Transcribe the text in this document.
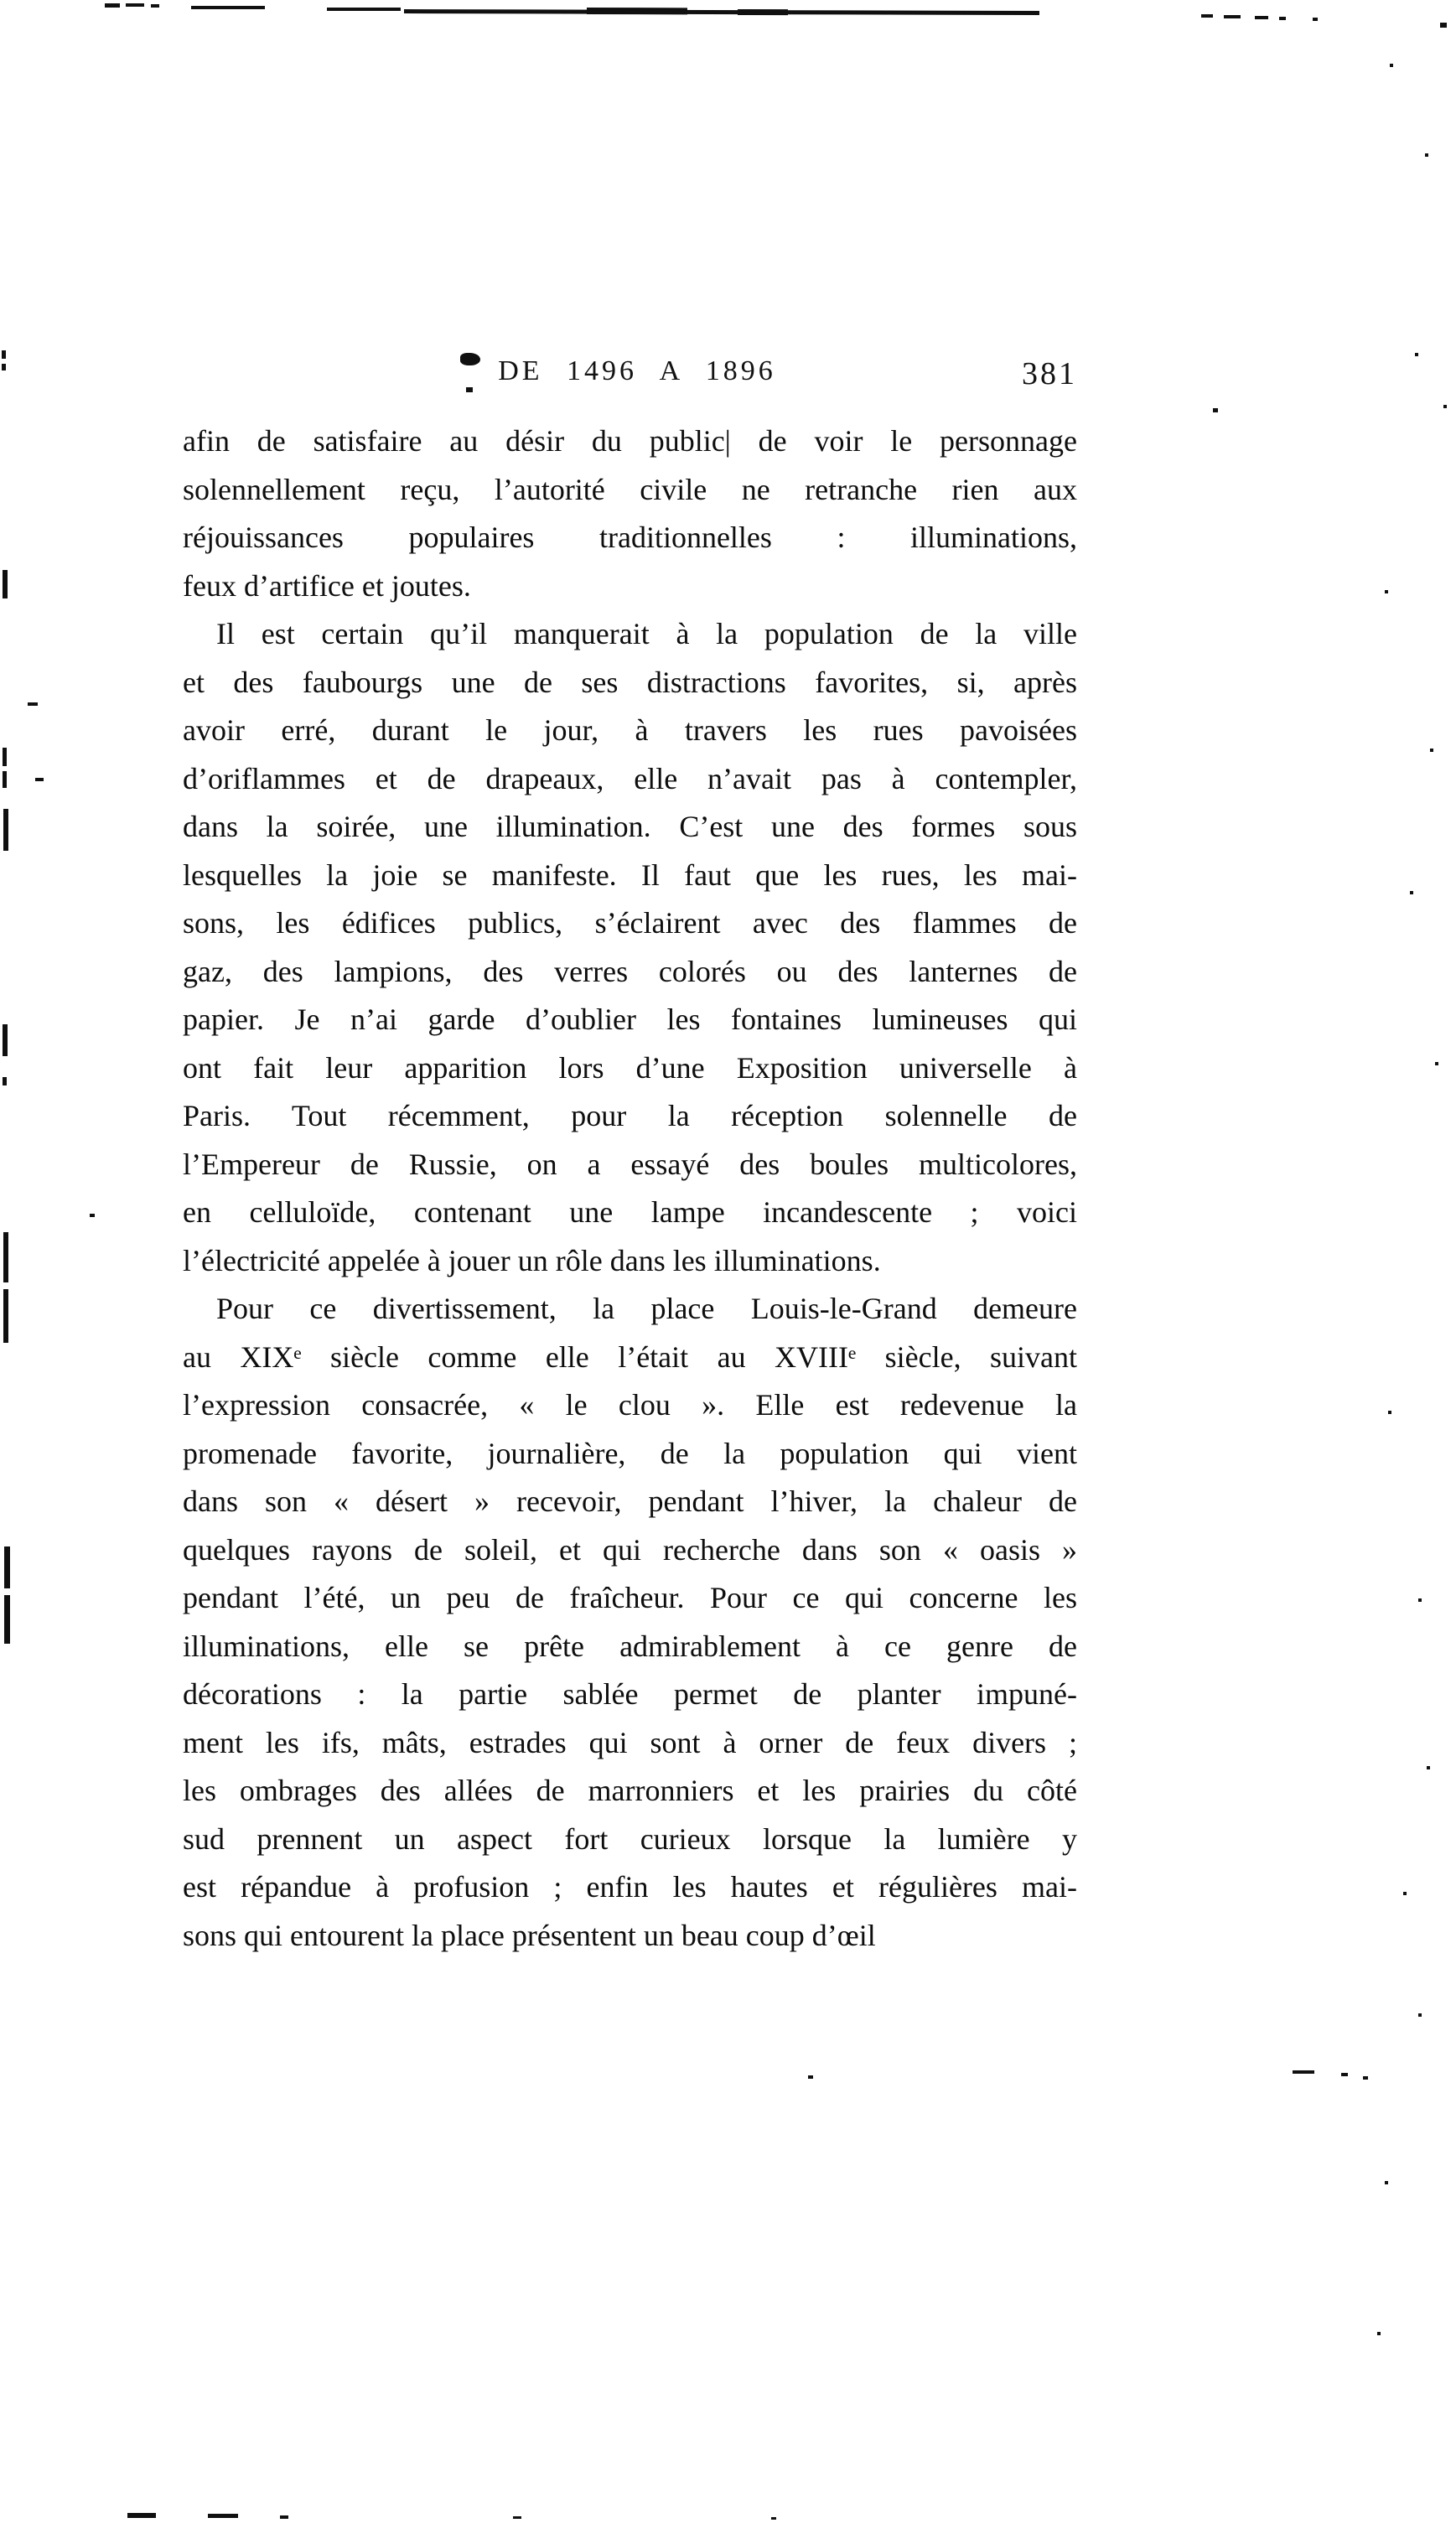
DE 1496 A 1896	381
afin de satisfaire au désir du public| de voir le personnage
solennellement reçu, l’autorité civile ne retranche rien aux
réjouissances populaires traditionnelles : illuminations,
feux d’artifice et joutes.
Il est certain qu’il manquerait à la population de la ville
et des faubourgs une de ses distractions favorites, si, après
avoir erré, durant le jour, à travers les rues pavoisées
d’oriflammes et de drapeaux, elle n’avait pas à contempler,
dans la soirée, une illumination. C’est une des formes sous
lesquelles la joie se manifeste. Il faut que les rues, les mai-
sons, les édifices publics, s’éclairent avec des flammes de
gaz, des lampions, des verres colorés ou des lanternes de
papier. Je n’ai garde d’oublier les fontaines lumineuses qui
ont fait leur apparition lors d’une Exposition universelle à
Paris. Tout récemment, pour la réception solennelle de
l’Empereur de Russie, on a essayé des boules multicolores,
en celluloïde, contenant une lampe incandescente ; voici
l’électricité appelée à jouer un rôle dans les illuminations.
Pour ce divertissement, la place Louis-le-Grand demeure
au XIXᵉ siècle comme elle l’était au XVIIIᵉ siècle, suivant
l’expression consacrée, « le clou ». Elle est redevenue la
promenade favorite, journalière, de la population qui vient
dans son « désert » recevoir, pendant l’hiver, la chaleur de
quelques rayons de soleil, et qui recherche dans son « oasis »
pendant l’été, un peu de fraîcheur. Pour ce qui concerne les
illuminations, elle se prête admirablement à ce genre de
décorations : la partie sablée permet de planter impuné-
ment les ifs, mâts, estrades qui sont à orner de feux divers ;
les ombrages des allées de marronniers et les prairies du côté
sud prennent un aspect fort curieux lorsque la lumière y
est répandue à profusion ; enfin les hautes et régulières mai-
sons qui entourent la place présentent un beau coup d’œil
